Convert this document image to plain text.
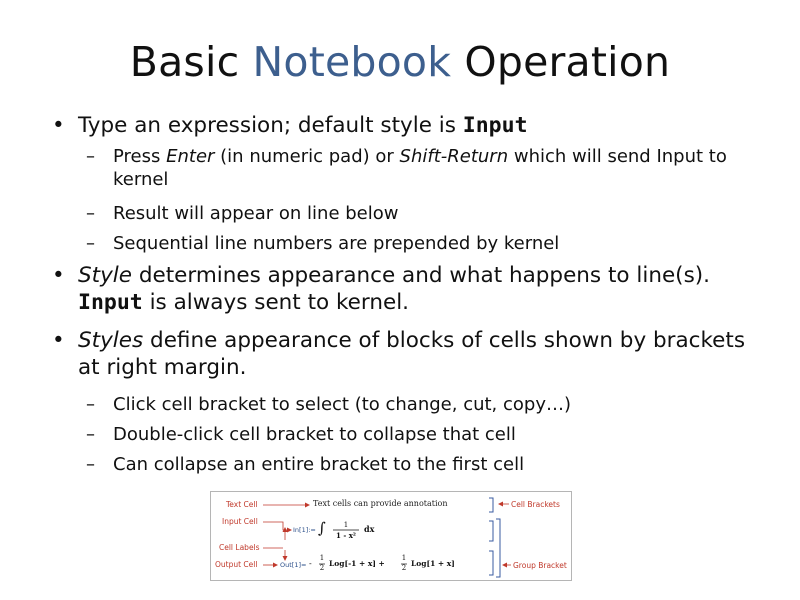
Basic Notebook Operation
• Type an expression; default style is Input
– Press Enter (in numeric pad) or Shift-Return which will send Input to kernel
– Result will appear on line below
– Sequential line numbers are prepended by kernel
• Style determines appearance and what happens to line(s). Input is always sent to kernel.
• Styles define appearance of blocks of cells shown by brackets at right margin.
– Click cell bracket to select (to change, cut, copy…)
– Double-click cell bracket to collapse that cell
– Can collapse an entire bracket to the first cell
Text Cell	Text cells can provide annotation	Cell Brackets
Input Cell
In[1]:= ∫	1
1 - x²
dx
Cell Labels
Output Cell	Out[1]= -
1
2 Log[-1 + x] +
1
2 Log[1 + x]	Group Bracket
